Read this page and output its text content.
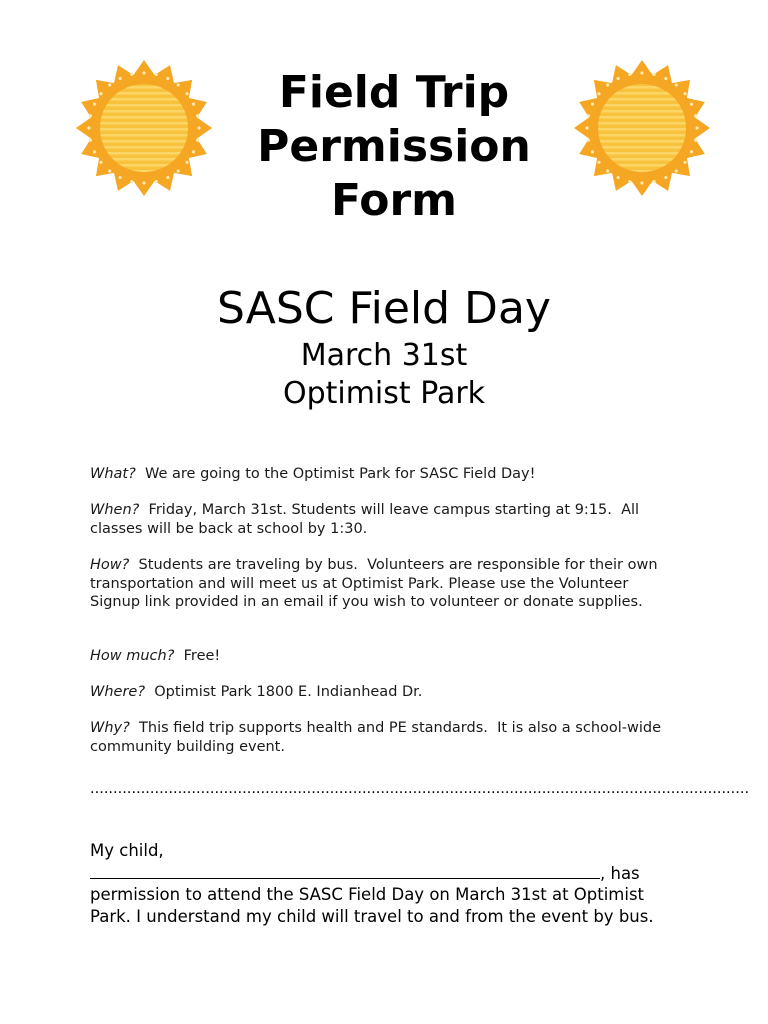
Field Trip
Permission
Form
SASC Field Day
March 31st
Optimist Park
What?  We are going to the Optimist Park for SASC Field Day!
When?  Friday, March 31st. Students will leave campus starting at 9:15.  All classes will be back at school by 1:30.
How?  Students are traveling by bus.  Volunteers are responsible for their own transportation and will meet us at Optimist Park. Please use the Volunteer Signup link provided in an email if you wish to volunteer or donate supplies.
How much?  Free!
Where?  Optimist Park 1800 E. Indianhead Dr.
Why?  This field trip supports health and PE standards.  It is also a school-wide community building event.
...............................................................................................................................................
My child,
, has permission to attend the SASC Field Day on March 31st at Optimist Park. I understand my child will travel to and from the event by bus.
